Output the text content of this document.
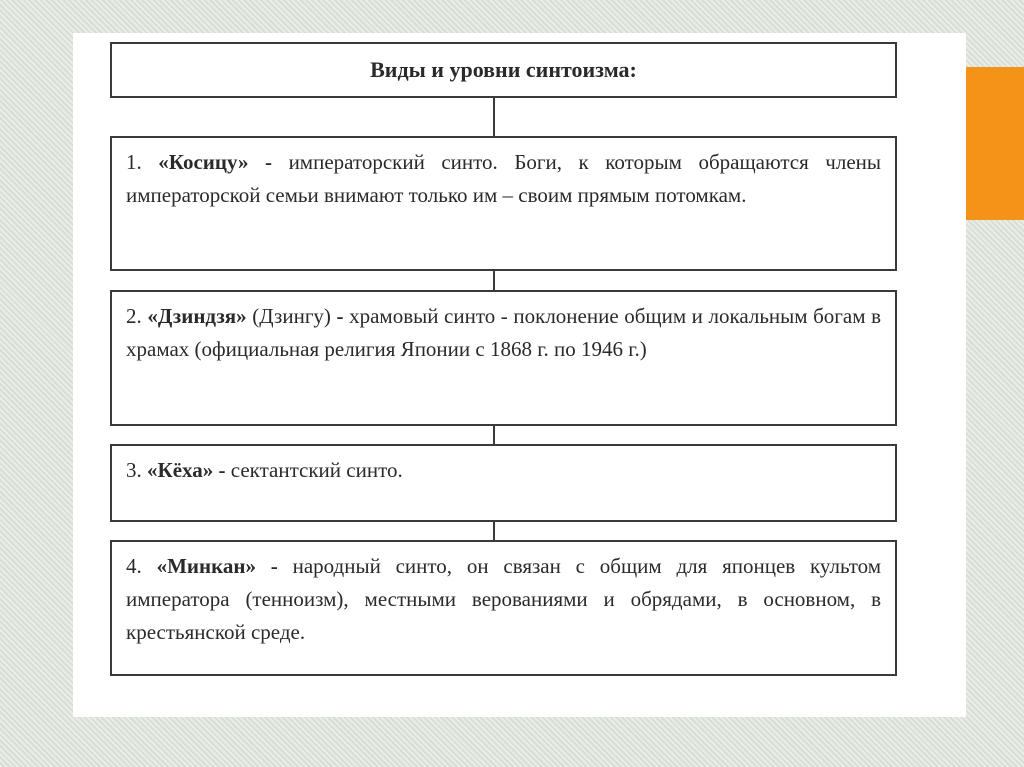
Виды и уровни синтоизма:
1. «Косицу» - императорский синто. Боги, к которым обращаются члены императорской семьи внимают только им – своим прямым потомкам.
2. «Дзиндзя» (Дзингу) - храмовый синто - поклонение общим и локальным богам в храмах (официальная религия Японии с 1868 г. по 1946 г.)
3. «Кёха» - сектантский синто.
4. «Минкан» - народный синто, он связан с общим для японцев культом императора (тенноизм), местными верованиями и обрядами, в основном, в крестьянской среде.
